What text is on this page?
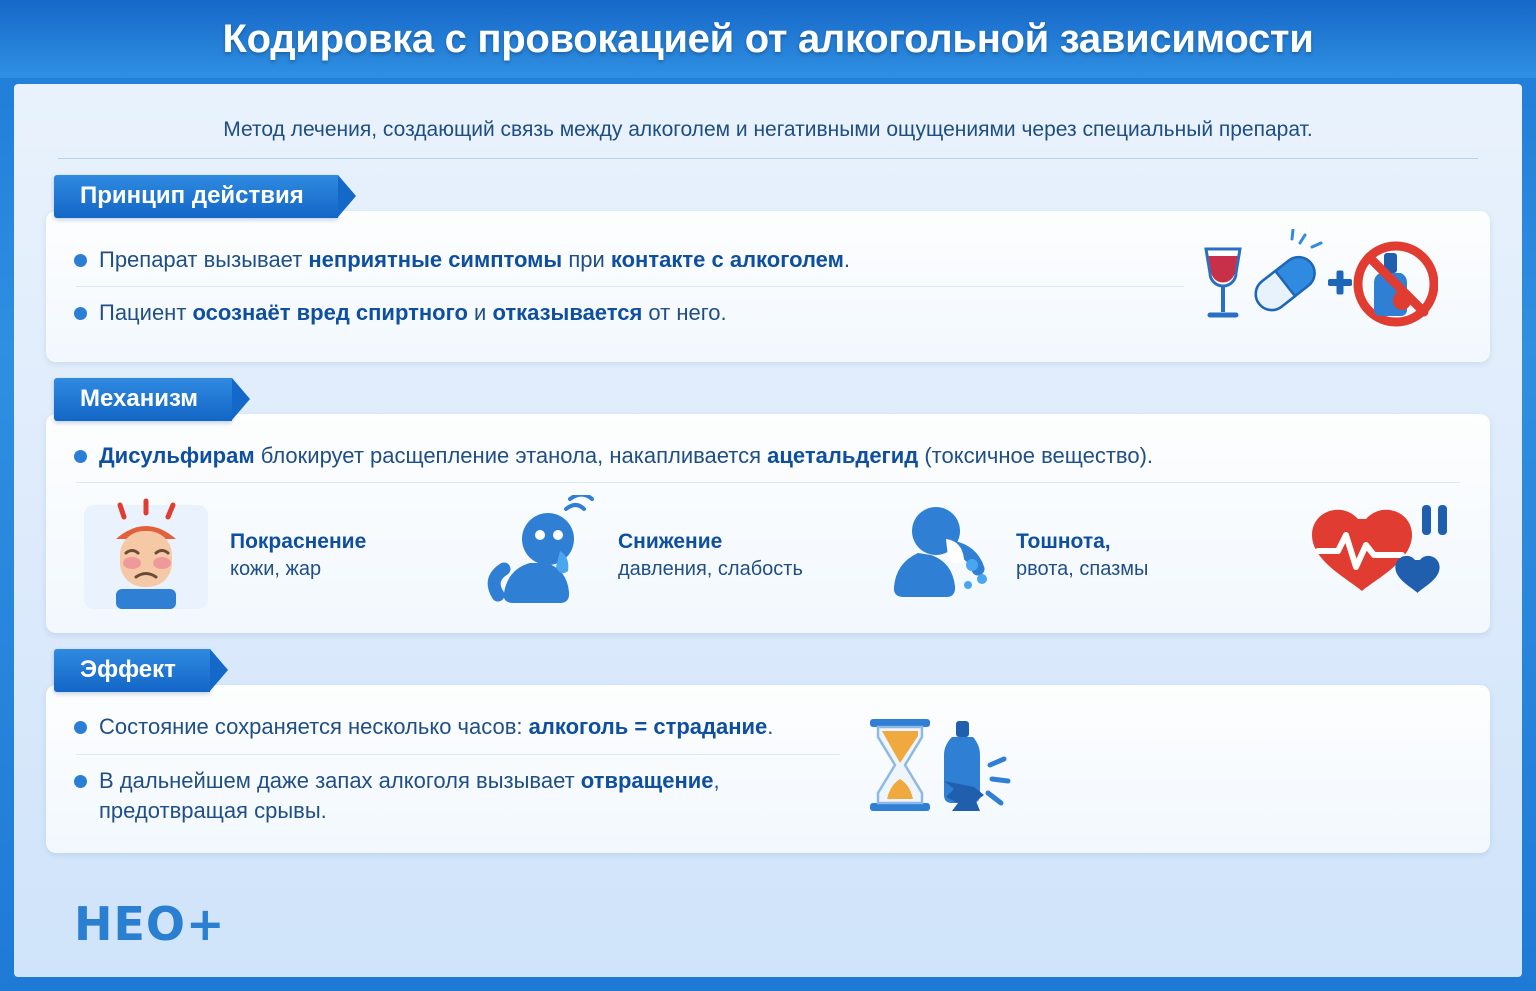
Кодировка с провокацией от алкогольной зависимости
Метод лечения, создающий связь между алкоголем и негативными ощущениями через специальный препарат.
Принцип действия
Препарат вызывает неприятные симптомы при контакте с алкоголем.
Пациент осознаёт вред спиртного и отказывается от него.
Механизм
Дисульфирам блокирует расщепление этанола, накапливается ацетальдегид (токсичное вещество).
Покраснение
кожи, жар
Снижение
давления, слабость
Тошнота,
рвота, спазмы
Эффект
Состояние сохраняется несколько часов: алкоголь = страдание.
В дальнейшем даже запах алкоголя вызывает отвращение,
предотвращая срывы.
HEO+
